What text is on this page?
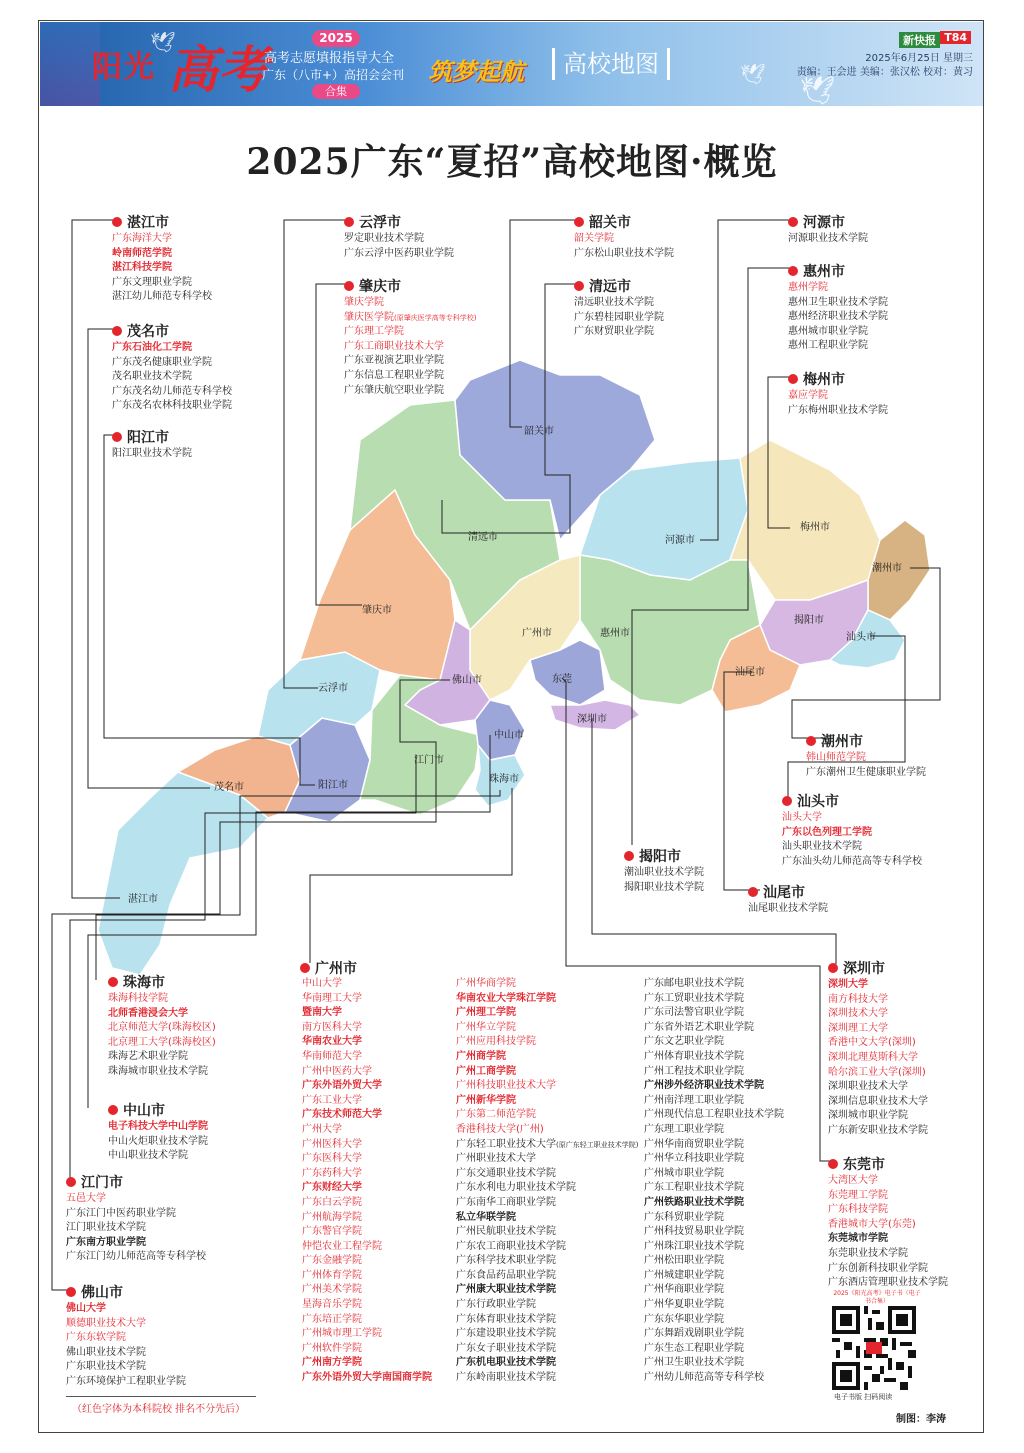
阳光 高考
2025
高考志愿填报指导大全
广东（八市+）高招会会刊
合集
筑梦起航	高校地图
🕊
🕊 🕊
新快报 T84
2025年6月25日 星期三
责编：王会进 美编：张汉松 校对：黄习
2025广东“夏招”高校地图·概览
韶关市
清远市	河源市
梅州市
潮州市
揭阳市
汕头市
汕尾市
惠州市
广州市
东莞
深圳市
佛山市
肇庆市
云浮市
江门市
中山市
珠海市
阳江市
茂名市
湛江市
湛江市
广东海洋大学
岭南师范学院
湛江科技学院
广东文理职业学院
湛江幼儿师范专科学校
茂名市
广东石油化工学院
广东茂名健康职业学院
茂名职业技术学院
广东茂名幼儿师范专科学校
广东茂名农林科技职业学院
阳江市
阳江职业技术学院
云浮市
罗定职业技术学院
广东云浮中医药职业学院
肇庆市
肇庆学院
肇庆医学院(原肇庆医学高等专科学校)
广东理工学院
广东工商职业技术大学
广东亚视演艺职业学院
广东信息工程职业学院
广东肇庆航空职业学院
韶关市
韶关学院
广东松山职业技术学院
清远市
清远职业技术学院
广东碧桂园职业学院
广东财贸职业学院
河源市
河源职业技术学院
惠州市
惠州学院
惠州卫生职业技术学院
惠州经济职业技术学院
惠州城市职业学院
惠州工程职业学院
梅州市
嘉应学院
广东梅州职业技术学院
潮州市
韩山师范学院
广东潮州卫生健康职业学院
汕头市
汕头大学
广东以色列理工学院
汕头职业技术学院
广东汕头幼儿师范高等专科学校
揭阳市
潮汕职业技术学院
揭阳职业技术学院	汕尾市
汕尾职业技术学院
深圳市
深圳大学
南方科技大学
深圳技术大学
深圳理工大学
香港中文大学(深圳)
深圳北理莫斯科大学
哈尔滨工业大学(深圳)
深圳职业技术大学
深圳信息职业技术大学
深圳城市职业学院
广东新安职业技术学院
东莞市
大湾区大学
东莞理工学院
广东科技学院
香港城市大学(东莞)
东莞城市学院
东莞职业技术学院
广东创新科技职业学院
广东酒店管理职业技术学院
珠海市
珠海科技学院
北师香港浸会大学
北京师范大学(珠海校区)
北京理工大学(珠海校区)
珠海艺术职业学院
珠海城市职业技术学院
中山市
电子科技大学中山学院
中山火炬职业技术学院
中山职业技术学院
江门市
五邑大学
广东江门中医药职业学院
江门职业技术学院
广东南方职业学院
广东江门幼儿师范高等专科学校
佛山市
佛山大学
顺德职业技术大学
广东东软学院
佛山职业技术学院
广东职业技术学院
广东环境保护工程职业学院
广州市
中山大学
华南理工大学
暨南大学
南方医科大学
华南农业大学
华南师范大学
广州中医药大学
广东外语外贸大学
广东工业大学
广东技术师范大学
广州大学
广州医科大学
广东医科大学
广东药科大学
广东财经大学
广东白云学院
广州航海学院
广东警官学院
仲恺农业工程学院
广东金融学院
广州体育学院
广州美术学院
星海音乐学院
广东培正学院
广州城市理工学院
广州软件学院
广州南方学院
广东外语外贸大学南国商学院
广州华商学院
华南农业大学珠江学院
广州理工学院
广州华立学院
广州应用科技学院
广州商学院
广州工商学院
广州科技职业技术大学
广州新华学院
广东第二师范学院
香港科技大学(广州)
广东轻工职业技术大学(原广东轻工职业技术学院)
广州职业技术大学
广东交通职业技术学院
广东水利电力职业技术学院
广东南华工商职业学院
私立华联学院
广州民航职业技术学院
广东农工商职业技术学院
广东科学技术职业学院
广东食品药品职业学院
广州康大职业技术学院
广东行政职业学院
广东体育职业技术学院
广东建设职业技术学院
广东女子职业技术学院
广东机电职业技术学院
广东岭南职业技术学院
广东邮电职业技术学院
广东工贸职业技术学院
广东司法警官职业学院
广东省外语艺术职业学院
广东文艺职业学院
广州体育职业技术学院
广州工程技术职业学院
广州涉外经济职业技术学院
广州南洋理工职业学院
广州现代信息工程职业技术学院
广东理工职业学院
广州华南商贸职业学院
广州华立科技职业学院
广州城市职业学院
广东工程职业技术学院
广州铁路职业技术学院
广东科贸职业学院
广州科技贸易职业学院
广州珠江职业技术学院
广州松田职业学院
广州城建职业学院
广州华商职业学院
广州华夏职业学院
广东东华职业学院
广东舞蹈戏剧职业学院
广东生态工程职业学院
广州卫生职业技术学院
广州幼儿师范高等专科学校
2025《阳光高考》电子书（电子书合集）
电子书版 扫码阅读
（红色字体为本科院校 排名不分先后）
制图：李涛
